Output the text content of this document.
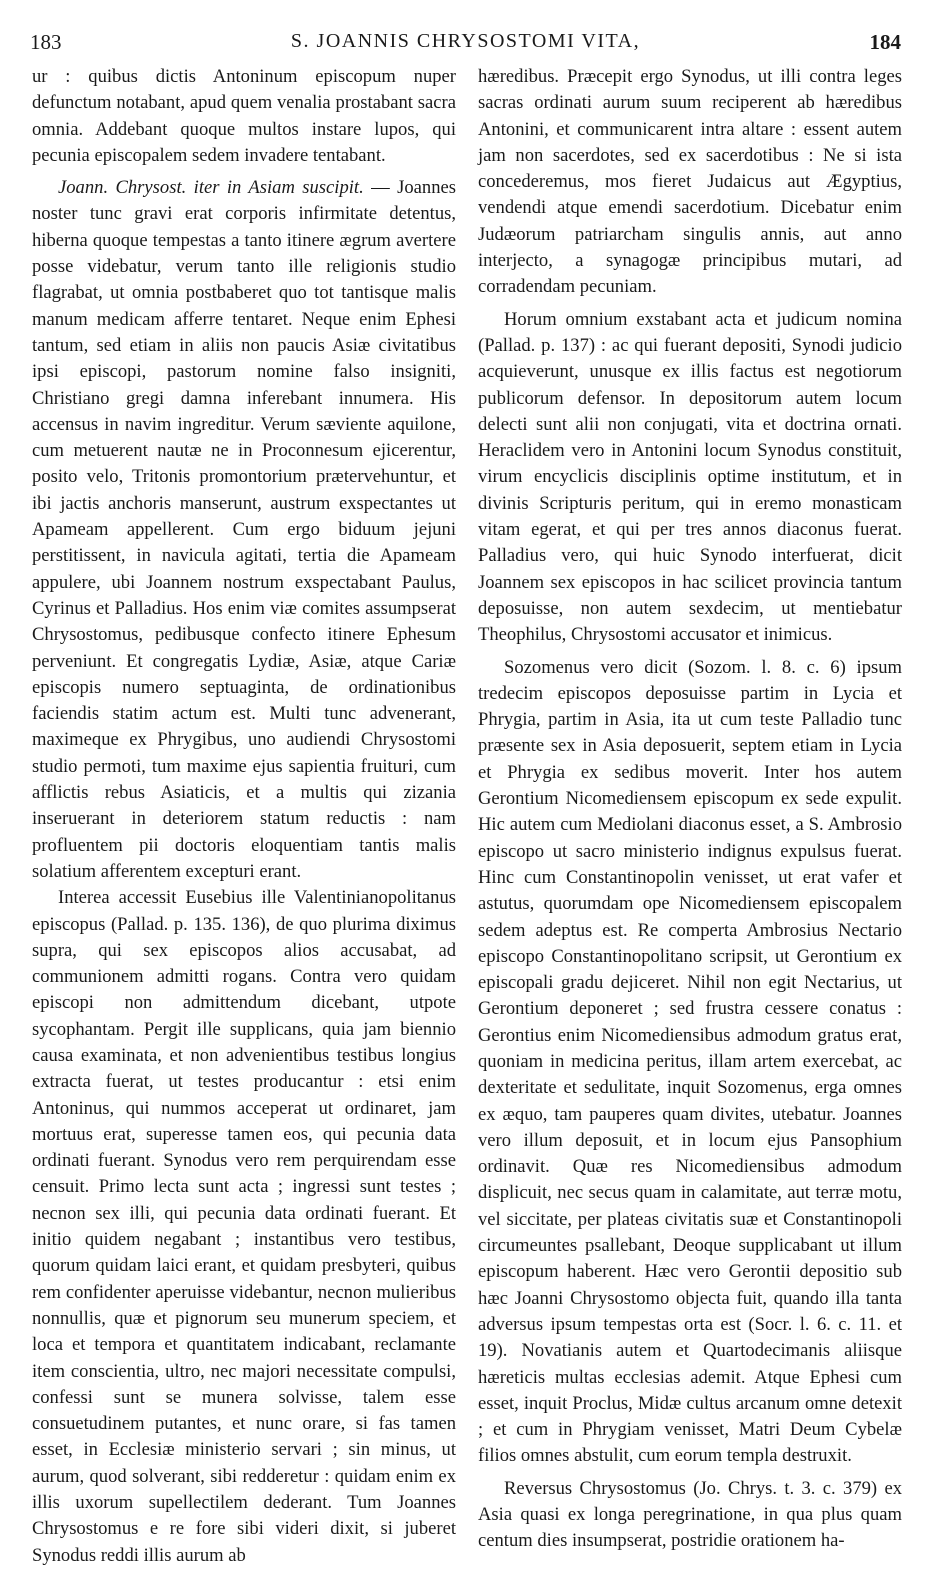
183	S. JOANNIS CHRYSOSTOMI VITA,	184

ur : quibus dictis Antoninum episcopum nuper defunctum notabant, apud quem venalia prostabant sacra omnia. Addebant quoque multos instare lupos, qui pecunia episcopalem sedem invadere tentabant.

Joann. Chrysost. iter in Asiam suscipit. — Joannes noster tunc gravi erat corporis infirmitate detentus, hiberna quoque tempestas a tanto itinere ægrum avertere posse videbatur, verum tanto ille religionis studio flagrabat, ut omnia postbaberet quo tot tantisque malis manum medicam afferre tentaret. Neque enim Ephesi tantum, sed etiam in aliis non paucis Asiæ civitatibus ipsi episcopi, pastorum nomine falso insigniti, Christiano gregi damna inferebant innumera. His accensus in navim ingreditur. Verum sæviente aquilone, cum metuerent nautæ ne in Proconnesum ejicerentur, posito velo, Tritonis promontorium prætervehuntur, et ibi jactis anchoris manserunt, austrum exspectantes ut Apameam appellerent. Cum ergo biduum jejuni perstitissent, in navicula agitati, tertia die Apameam appulere, ubi Joannem nostrum exspectabant Paulus, Cyrinus et Palladius. Hos enim viæ comites assumpserat Chrysostomus, pedibusque confecto itinere Ephesum perveniunt. Et congregatis Lydiæ, Asiæ, atque Cariæ episcopis numero septuaginta, de ordinationibus faciendis statim actum est. Multi tunc advenerant, maximeque ex Phrygibus, uno audiendi Chrysostomi studio permoti, tum maxime ejus sapientia fruituri, cum afflictis rebus Asiaticis, et a multis qui zizania inseruerant in deteriorem statum reductis : nam profluentem pii doctoris eloquentiam tantis malis solatium afferentem excepturi erant.

Interea accessit Eusebius ille Valentinianopolitanus episcopus (Pallad. p. 135. 136), de quo plurima diximus supra, qui sex episcopos alios accusabat, ad communionem admitti rogans. Contra vero quidam episcopi non admittendum dicebant, utpote sycophantam. Pergit ille supplicans, quia jam biennio causa examinata, et non advenientibus testibus longius extracta fuerat, ut testes producantur : etsi enim Antoninus, qui nummos acceperat ut ordinaret, jam mortuus erat, superesse tamen eos, qui pecunia data ordinati fuerant. Synodus vero rem perquirendam esse censuit. Primo lecta sunt acta ; ingressi sunt testes ; necnon sex illi, qui pecunia data ordinati fuerant. Et initio quidem negabant ; instantibus vero testibus, quorum quidam laici erant, et quidam presbyteri, quibus rem confidenter aperuisse videbantur, necnon mulieribus nonnullis, quæ et pignorum seu munerum speciem, et loca et tempora et quantitatem indicabant, reclamante item conscientia, ultro, nec majori necessitate compulsi, confessi sunt se munera solvisse, talem esse consuetudinem putantes, et nunc orare, si fas tamen esset, in Ecclesiæ ministerio servari ; sin minus, ut aurum, quod solverant, sibi redderetur : quidam enim ex illis uxorum supellectilem dederant. Tum Joannes Chrysostomus e re fore sibi videri dixit, si juberet Synodus reddi illis aurum ab

hæredibus. Præcepit ergo Synodus, ut illi contra leges sacras ordinati aurum suum reciperent ab hæredibus Antonini, et communicarent intra altare : essent autem jam non sacerdotes, sed ex sacerdotibus : Ne si ista concederemus, mos fieret Judaicus aut Ægyptius, vendendi atque emendi sacerdotium. Dicebatur enim Judæorum patriarcham singulis annis, aut anno interjecto, a synagogæ principibus mutari, ad corradendam pecuniam.

Horum omnium exstabant acta et judicum nomina (Pallad. p. 137) : ac qui fuerant depositi, Synodi judicio acquieverunt, unusque ex illis factus est negotiorum publicorum defensor. In depositorum autem locum delecti sunt alii non conjugati, vita et doctrina ornati. Heraclidem vero in Antonini locum Synodus constituit, virum encyclicis disciplinis optime institutum, et in divinis Scripturis peritum, qui in eremo monasticam vitam egerat, et qui per tres annos diaconus fuerat. Palladius vero, qui huic Synodo interfuerat, dicit Joannem sex episcopos in hac scilicet provincia tantum deposuisse, non autem sexdecim, ut mentiebatur Theophilus, Chrysostomi accusator et inimicus.

Sozomenus vero dicit (Sozom. l. 8. c. 6) ipsum tredecim episcopos deposuisse partim in Lycia et Phrygia, partim in Asia, ita ut cum teste Palladio tunc præsente sex in Asia deposuerit, septem etiam in Lycia et Phrygia ex sedibus moverit. Inter hos autem Gerontium Nicomediensem episcopum ex sede expulit. Hic autem cum Mediolani diaconus esset, a S. Ambrosio episcopo ut sacro ministerio indignus expulsus fuerat. Hinc cum Constantinopolin venisset, ut erat vafer et astutus, quorumdam ope Nicomediensem episcopalem sedem adeptus est. Re comperta Ambrosius Nectario episcopo Constantinopolitano scripsit, ut Gerontium ex episcopali gradu dejiceret. Nihil non egit Nectarius, ut Gerontium deponeret ; sed frustra cessere conatus : Gerontius enim Nicomediensibus admodum gratus erat, quoniam in medicina peritus, illam artem exercebat, ac dexteritate et sedulitate, inquit Sozomenus, erga omnes ex æquo, tam pauperes quam divites, utebatur. Joannes vero illum deposuit, et in locum ejus Pansophium ordinavit. Quæ res Nicomediensibus admodum displicuit, nec secus quam in calamitate, aut terræ motu, vel siccitate, per plateas civitatis suæ et Constantinopoli circumeuntes psallebant, Deoque supplicabant ut illum episcopum haberent. Hæc vero Gerontii depositio sub hæc Joanni Chrysostomo objecta fuit, quando illa tanta adversus ipsum tempestas orta est (Socr. l. 6. c. 11. et 19). Novatianis autem et Quartodecimanis aliisque hæreticis multas ecclesias ademit. Atque Ephesi cum esset, inquit Proclus, Midæ cultus arcanum omne detexit ; et cum in Phrygiam venisset, Matri Deum Cybelæ filios omnes abstulit, cum eorum templa destruxit.

Reversus Chrysostomus (Jo. Chrys. t. 3. c. 379) ex Asia quasi ex longa peregrinatione, in qua plus quam centum dies insumpserat, postridie orationem ha-
